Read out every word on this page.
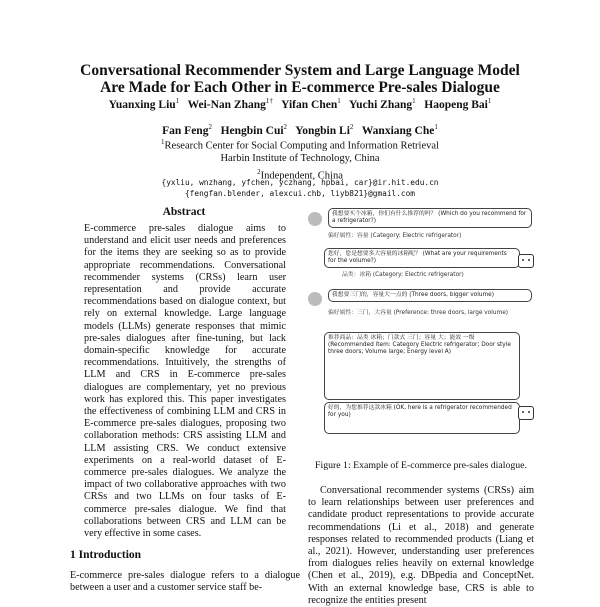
Conversational Recommender System and Large Language Model
Are Made for Each Other in E-commerce Pre-sales Dialogue
Yuanxing Liu$^1$ Wei-Nan Zhang$^{1\dagger}$ Yifan Chen$^1$ Yuchi Zhang$^1$ Haopeng Bai$^1$
Fan Feng$^2$ Hengbin Cui$^2$ Yongbin Li$^2$ Wanxiang Che$^1$
$^1$Research Center for Social Computing and Information Retrieval
Harbin Institute of Technology, China
$^2$Independent, China
{yxliu, wnzhang, yfchen, yczhang, hpbai, car}@ir.hit.edu.cn
{fengfan.blender, alexcui.chb, liyb821}@gmail.com
Abstract
E-commerce pre-sales dialogue aims to understand and elicit user needs and preferences for the items they are seeking so as to provide appropriate recommendations. Conversational recommender systems (CRSs) learn user representation and provide accurate recommendations based on dialogue context, but rely on external knowledge. Large language models (LLMs) generate responses that mimic pre-sales dialogues after fine-tuning, but lack domain-specific knowledge for accurate recommendations. Intuitively, the strengths of LLM and CRS in E-commerce pre-sales dialogues are complementary, yet no previous work has explored this. This paper investigates the effectiveness of combining LLM and CRS in E-commerce pre-sales dialogues, proposing two collaboration methods: CRS assisting LLM and LLM assisting CRS. We conduct extensive experiments on a real-world dataset of E-commerce pre-sales dialogues. We analyze the impact of two collaborative approaches with two CRSs and two LLMs on four tasks of E-commerce pre-sales dialogue. We find that collaborations between CRS and LLM can be very effective in some cases.
1 Introduction
E-commerce pre-sales dialogue refers to a dialogue between a user and a customer service staff be-
我想要买个冰箱，你们有什么推荐的吗？ (Which do you recommend for a refrigerator?)
偏好属性：容量 (Category: Electric refrigerator)
您好，您是想要多大容量的冰箱呢？ (What are your requirements for the volume?)
品类：冰箱 (Category: Electric refrigerator)
我想要三门的，容量大一点的 (Three doors, bigger volume)
偏好属性：三门，大容量 (Preference: three doors, large volume)
推荐商品：品类 冰箱；门款式 三门；容量 大；能效 一级 (Recommended item: Category Electric refrigerator; Door style three doors; Volume large; Energy level A)
好的，为您推荐这款冰箱 (OK, here is a refrigerator recommended for you)
Figure 1: Example of E-commerce pre-sales dialogue.
Conversational recommender systems (CRSs) aim to learn relationships between user preferences and candidate product representations to provide accurate recommendations (Li et al., 2018) and generate responses related to recommended products (Liang et al., 2021). However, understanding user preferences from dialogues relies heavily on external knowledge (Chen et al., 2019), e.g. DBpedia and ConceptNet. With an external knowledge base, CRS is able to recognize the entities present
